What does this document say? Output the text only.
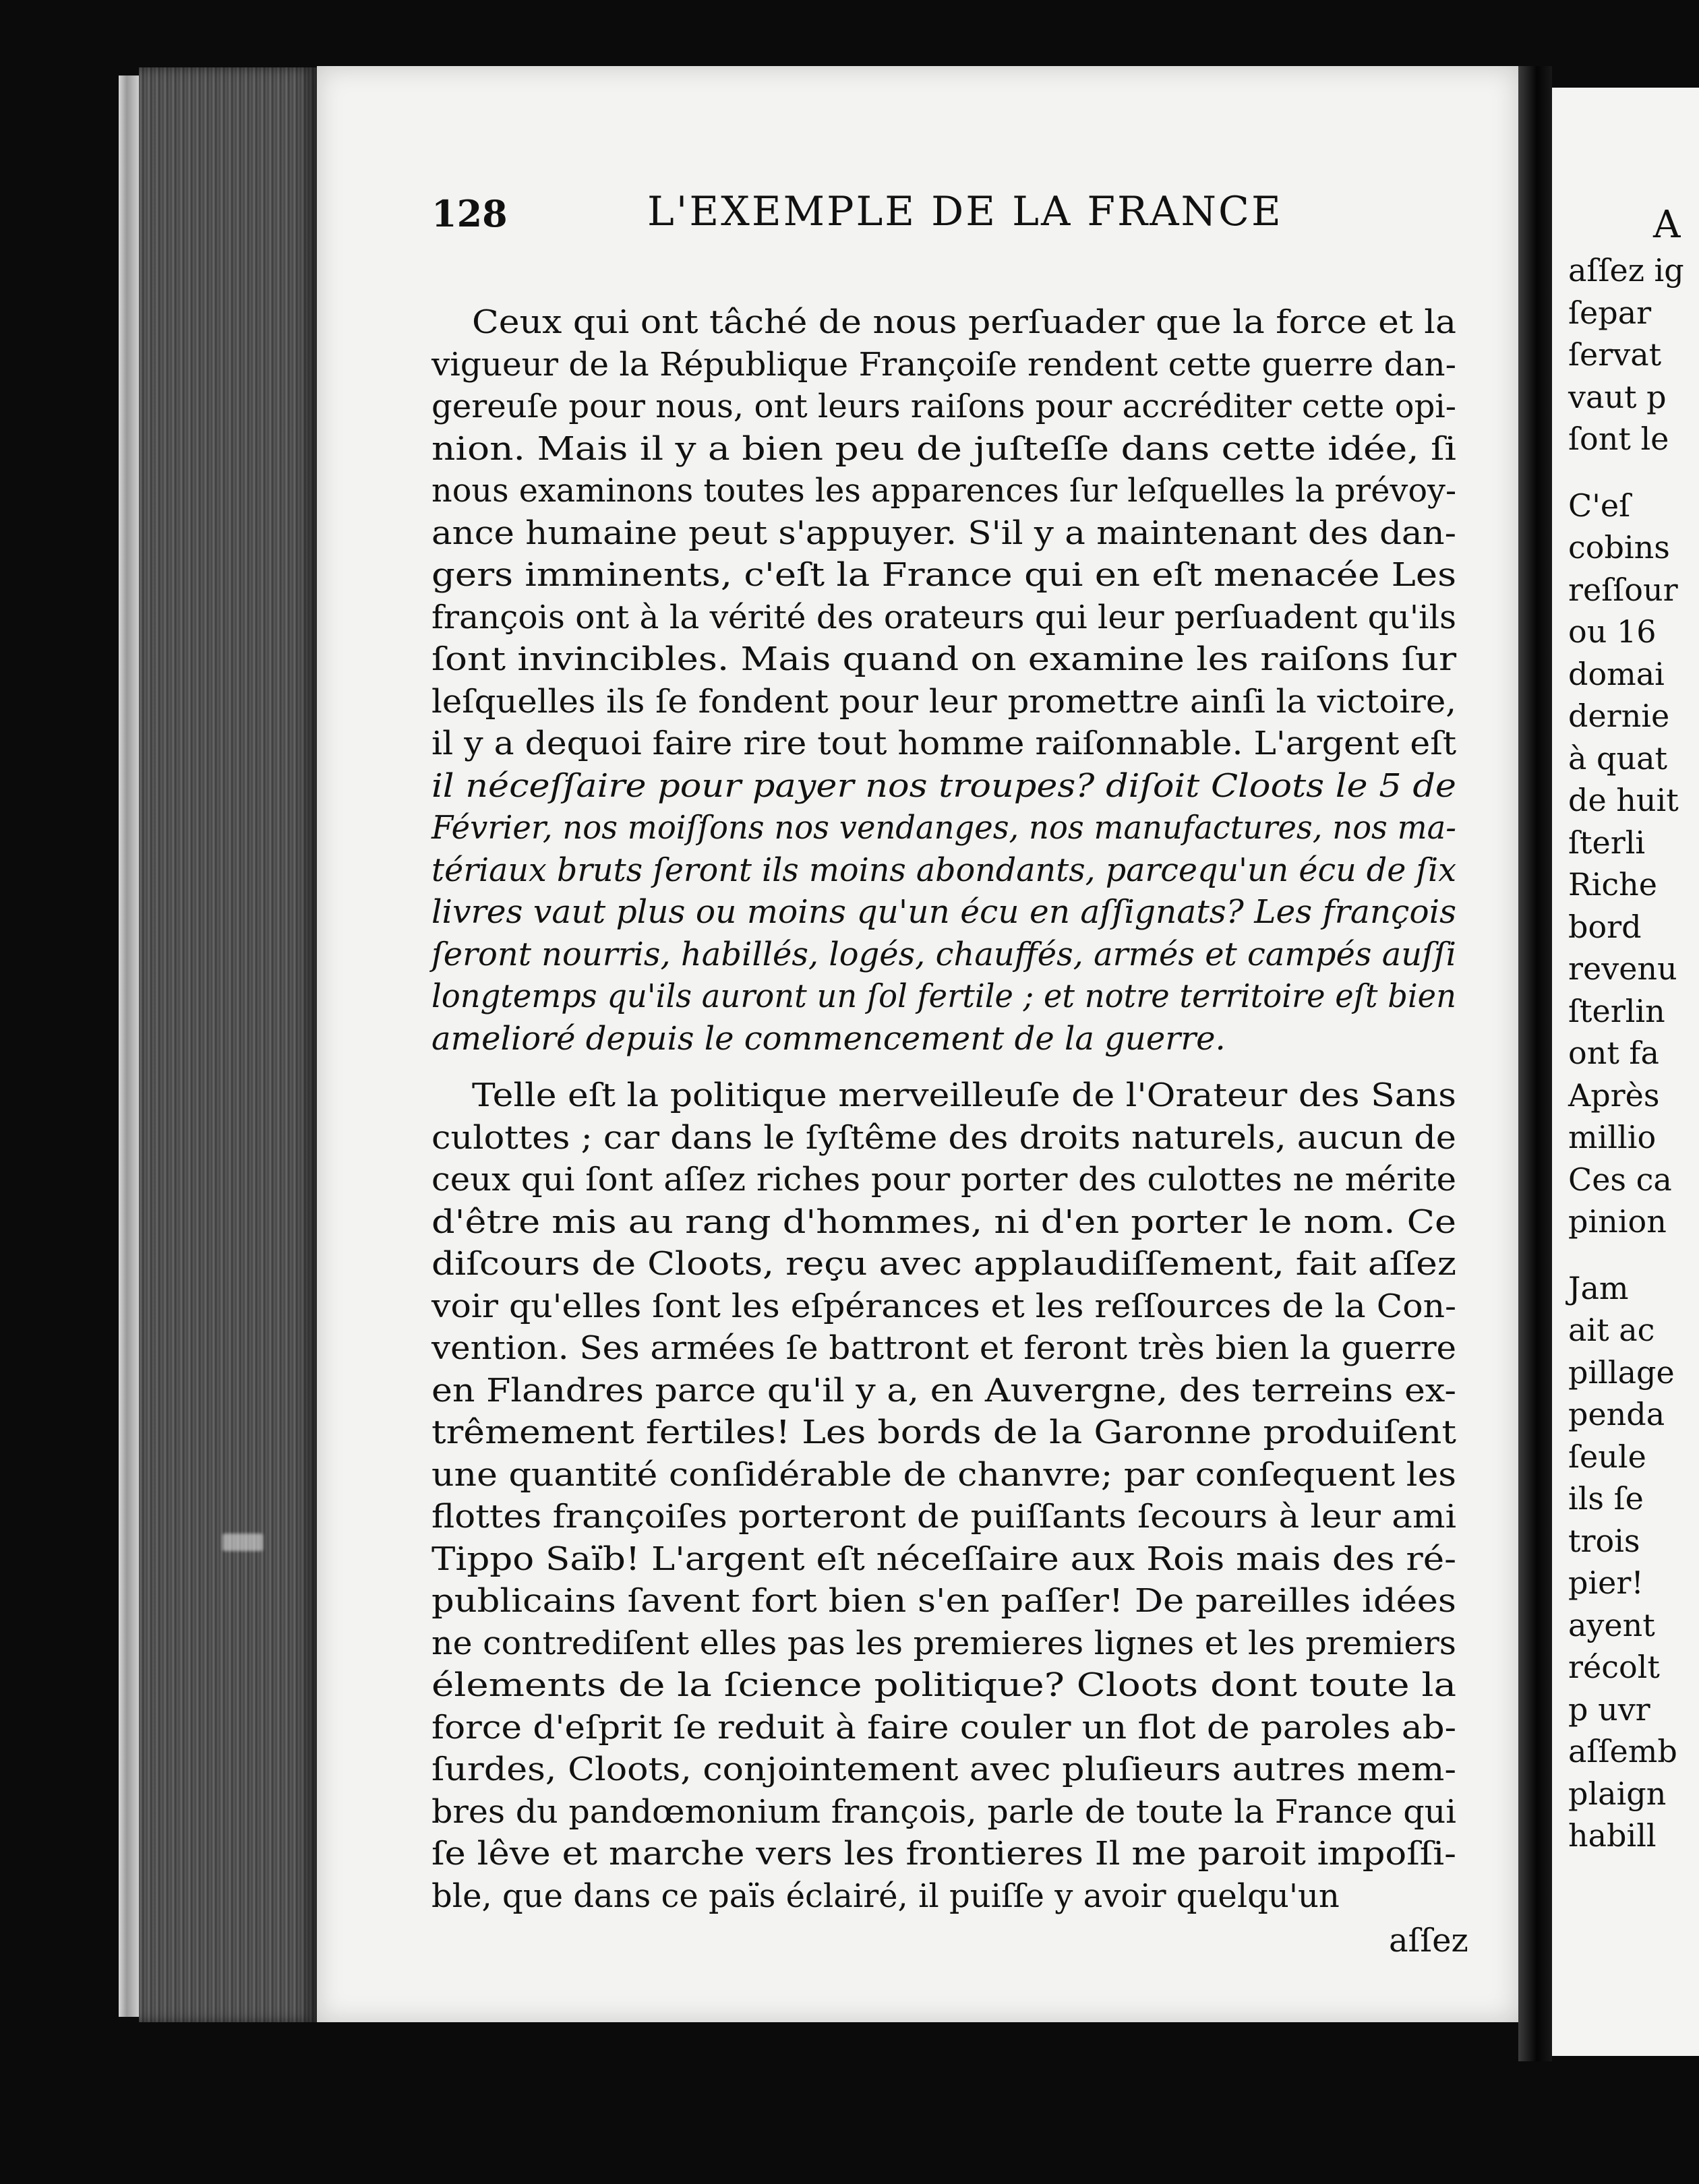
128	L'EXEMPLE DE LA FRANCE
Ceux qui ont tâché de nous perſuader que la force et la
vigueur de la République Françoiſe rendent cette guerre dan-
gereuſe pour nous, ont leurs raiſons pour accréditer cette opi-
nion. Mais il y a bien peu de juſteſſe dans cette idée, ſi
nous examinons toutes les apparences ſur leſquelles la prévoy-
ance humaine peut s'appuyer. S'il y a maintenant des dan-
gers imminents, c'eſt la France qui en eſt menacée Les
françois ont à la vérité des orateurs qui leur perſuadent qu'ils
ſont invincibles. Mais quand on examine les raiſons ſur
leſquelles ils ſe fondent pour leur promettre ainſi la victoire,
il y a dequoi faire rire tout homme raiſonnable. L'argent eſt
il néceſſaire pour payer nos troupes? diſoit Cloots le 5 de
Février, nos moiſſons nos vendanges, nos manufactures, nos ma-
tériaux bruts ſeront ils moins abondants, parcequ'un écu de ſix
livres vaut plus ou moins qu'un écu en aſſignats? Les françois
ſeront nourris, habillés, logés, chauffés, armés et campés auſſi
longtemps qu'ils auront un ſol fertile ; et notre territoire eſt bien
amelioré depuis le commencement de la guerre.
Telle eſt la politique merveilleuſe de l'Orateur des Sans
culottes ; car dans le ſyſtême des droits naturels, aucun de
ceux qui ſont aſſez riches pour porter des culottes ne mérite
d'être mis au rang d'hommes, ni d'en porter le nom. Ce
diſcours de Cloots, reçu avec applaudiſſement, fait aſſez
voir qu'elles ſont les eſpérances et les reſſources de la Con-
vention. Ses armées ſe battront et feront très bien la guerre
en Flandres parce qu'il y a, en Auvergne, des terreins ex-
trêmement fertiles! Les bords de la Garonne produiſent
une quantité conſidérable de chanvre; par conſequent les
flottes françoiſes porteront de puiſſants ſecours à leur ami
Tippo Saïb! L'argent eſt néceſſaire aux Rois mais des ré-
publicains ſavent fort bien s'en paſſer! De pareilles idées
ne contrediſent elles pas les premieres lignes et les premiers
élements de la ſcience politique? Cloots dont toute la
force d'eſprit ſe reduit à faire couler un flot de paroles ab-
ſurdes, Cloots, conjointement avec pluſieurs autres mem-
bres du pandœmonium françois, parle de toute la France qui
ſe lêve et marche vers les frontieres Il me paroit impoſſi-
ble, que dans ce païs éclairé, il puiſſe y avoir quelqu'un
aſſez
A
aſſez ig
ſepar
ſervat
vaut p
ſont le
C'eſ
cobins
reſſour
ou 16
domai
dernie
à quat
de huit
ſterli
Riche
bord
revenu
ſterlin
ont fa
Après
millio
Ces ca
pinion
Jam
ait ac
pillage
penda
ſeule
ils ſe
trois
pier!
ayent
récolt
p uvr
aſſemb
plaign
habill
